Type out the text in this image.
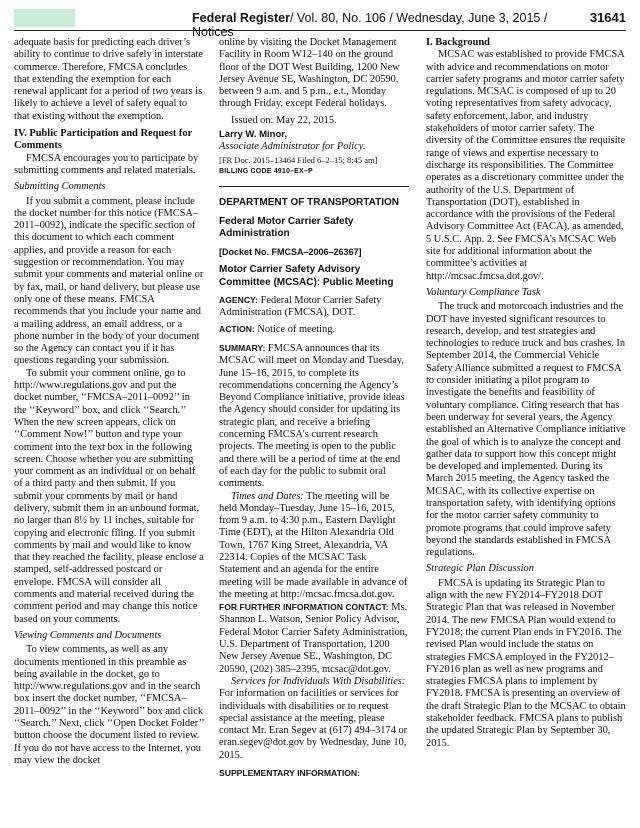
Federal Register/ Vol. 80, No. 106 / Wednesday, June 3, 2015 / Notices
31641

adequate basis for predicting each driver’s ability to continue to drive safely in interstate commerce. Therefore, FMCSA concludes that extending the exemption for each renewal applicant for a period of two years is likely to achieve a level of safety equal to that existing without the exemption.

IV. Public Participation and Request for Comments

FMCSA encourages you to participate by submitting comments and related materials.

Submitting Comments

If you submit a comment, please include the docket number for this notice (FMCSA–2011–0092), indicate the specific section of this document to which each comment applies, and provide a reason for each suggestion or recommendation. You may submit your comments and material online or by fax, mail, or hand delivery, but please use only one of these means. FMCSA recommends that you include your name and a mailing address, an email address, or a phone number in the body of your document so the Agency can contact you if it has questions regarding your submission.

To submit your comment online, go to http://www.regulations.gov and put the docket number, ‘‘FMCSA–2011–0092’’ in the ‘‘Keyword’’ box, and click ‘‘Search.’’ When the new screen appears, click on ‘‘Comment Now!’’ button and type your comment into the text box in the following screen. Choose whether you are submitting your comment as an individual or on behalf of a third party and then submit. If you submit your comments by mail or hand delivery, submit them in an unbound format, no larger than 8½ by 11 inches, suitable for copying and electronic filing. If you submit comments by mail and would like to know that they reached the facility, please enclose a stamped, self-addressed postcard or envelope. FMCSA will consider all comments and material received during the comment period and may change this notice based on your comments.

Viewing Comments and Documents

To view comments, as well as any documents mentioned in this preamble as being available in the docket, go to http://www.regulations.gov and in the search box insert the docket number, ‘‘FMCSA–2011–0092’’ in the ‘‘Keyword’’ box and click ‘‘Search.’’ Next, click ‘‘Open Docket Folder’’ button choose the document listed to review. If you do not have access to the Internet, you may view the docket

online by visiting the Docket Management Facility in Room W12–140 on the ground floor of the DOT West Building, 1200 New Jersey Avenue SE, Washington, DC 20590, between 9 a.m. and 5 p.m., e.t., Monday through Friday, except Federal holidays.

Issued on: May 22, 2015.

Larry W. Minor,

Associate Administrator for Policy.

[FR Doc. 2015–13464 Filed 6–2–15; 8:45 am]

BILLING CODE 4910–EX–P

DEPARTMENT OF TRANSPORTATION

Federal Motor Carrier Safety Administration

[Docket No. FMCSA–2006–26367]

Motor Carrier Safety Advisory Committee (MCSAC): Public Meeting

AGENCY: Federal Motor Carrier Safety Administration (FMCSA), DOT.

ACTION: Notice of meeting.

SUMMARY: FMCSA announces that its MCSAC will meet on Monday and Tuesday, June 15–16, 2015, to complete its recommendations concerning the Agency’s Beyond Compliance initiative, provide ideas the Agency should consider for updating its strategic plan, and receive a briefing concerning FMCSA’s current research projects. The meeting is open to the public and there will be a period of time at the end of each day for the public to submit oral comments.

Times and Dates: The meeting will be held Monday–Tuesday, June 15–16, 2015, from 9 a.m. to 4:30 p.m., Eastern Daylight Time (EDT), at the Hilton Alexandria Old Town, 1767 King Street, Alexandria, VA 22314. Copies of the MCSAC Task Statement and an agenda for the entire meeting will be made available in advance of the meeting at http://mcsac.fmcsa.dot.gov.

FOR FURTHER INFORMATION CONTACT: Ms. Shannon L. Watson, Senior Policy Advisor, Federal Motor Carrier Safety Administration, U.S. Department of Transportation, 1200 New Jersey Avenue SE., Washington, DC 20590, (202) 385–2395, mcsac@dot.gov.

Services for Individuals With Disabilities: For information on facilities or services for individuals with disabilities or to request special assistance at the meeting, please contact Mr. Eran Segev at (617) 494–3174 or eran.segev@dot.gov by Wednesday, June 10, 2015.

SUPPLEMENTARY INFORMATION:

I. Background

MCSAC was established to provide FMCSA with advice and recommendations on motor carrier safety programs and motor carrier safety regulations. MCSAC is composed of up to 20 voting representatives from safety advocacy, safety enforcement, labor, and industry stakeholders of motor carrier safety. The diversity of the Committee ensures the requisite range of views and expertise necessary to discharge its responsibilities. The Committee operates as a discretionary committee under the authority of the U.S. Department of Transportation (DOT), established in accordance with the provisions of the Federal Advisory Committee Act (FACA), as amended, 5 U.S.C. App. 2. See FMCSA’s MCSAC Web site for additional information about the committee’s activities at http://mcsac.fmcsa.dot.gov/.

Voluntary Compliance Task

The truck and motorcoach industries and the DOT have invested significant resources to research, develop, and test strategies and technologies to reduce truck and bus crashes. In September 2014, the Commercial Vehicle Safety Alliance submitted a request to FMCSA to consider initiating a pilot program to investigate the benefits and feasibility of voluntary compliance. Citing research that has been underway for several years, the Agency established an Alternative Compliance initiative the goal of which is to analyze the concept and gather data to support how this concept might be developed and implemented. During its March 2015 meeting, the Agency tasked the MCSAC, with its collective expertise on transportation safety, with identifying options for the motor carrier safety community to promote programs that could improve safety beyond the standards established in FMCSA regulations.

Strategic Plan Discussion

FMCSA is updating its Strategic Plan to align with the new FY2014–FY2018 DOT Strategic Plan that was released in November 2014. The new FMCSA Plan would extend to FY2018; the current Plan ends in FY2016. The revised Plan would include the status on strategies FMCSA employed in the FY2012–FY2016 plan as well as new programs and strategies FMCSA plans to implement by FY2018. FMCSA is presenting an overview of the draft Strategic Plan to the MCSAC to obtain stakeholder feedback. FMCSA plans to publish the updated Strategic Plan by September 30, 2015.
